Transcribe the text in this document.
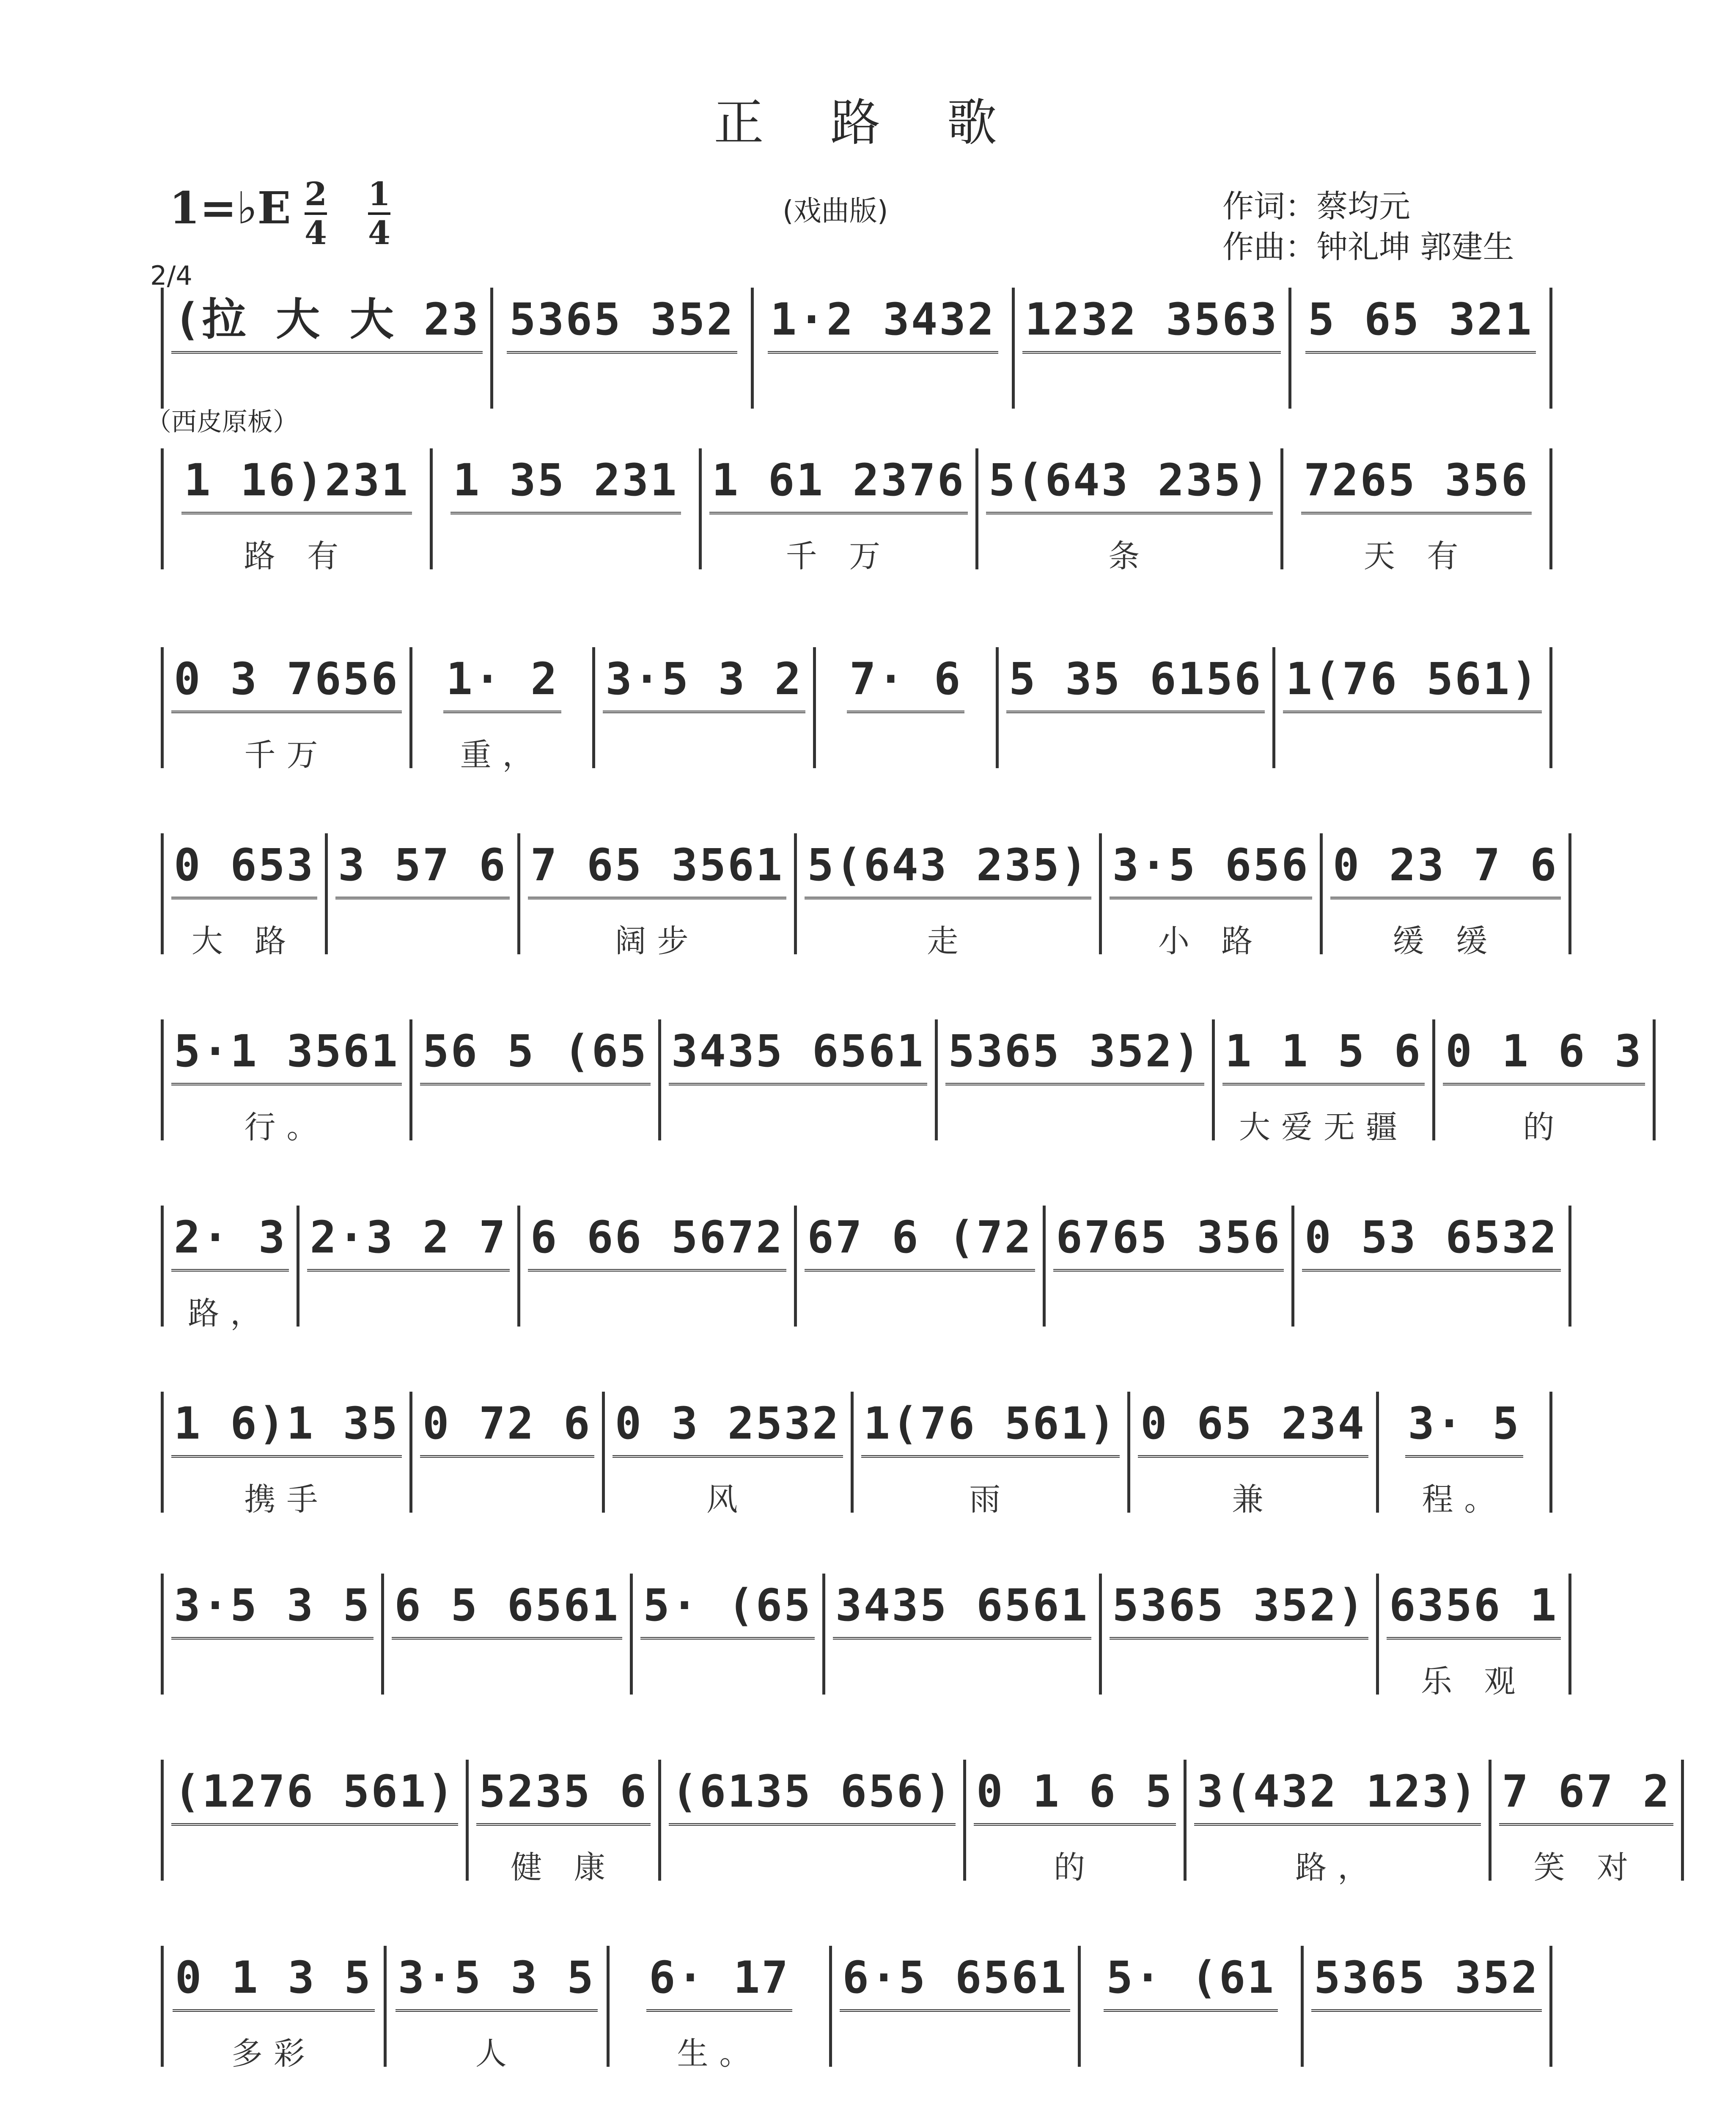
正 路 歌
1=♭E 2
4
1
4
(戏曲版)	作词：蔡均元
作曲：钟礼坤 郭建生
2/4
（西皮原板）
(拉 大 大 23 5365 352 1·2 3432 1232 3563 5 65 321
1 16)231
路 有
1 35 231 1 61 2376
千 万
5(643 235)
条
7265 356
天 有
0 3 7656
千万
1· 2
重，
3·5 3 2 7· 6 5 35 6156 1(76 561)
0 653
大 路
3 57 6 7 65 3561
阔步
5(643 235)
走
3·5 656
小 路
0 23 7 6
缓 缓
5·1 3561
行。
56 5 (65 3435 6561 5365 352) 1 1 5 6
大爱无疆
0 1 6 3
的
2· 3
路，
2·3 2 7 6 66 5672 67 6 (72 6765 356 0 53 6532
1 6)1 35
携手
0 72 6 0 3 2532
风
1(76 561)
雨
0 65 234
兼
3· 5
程。
3·5 3 5 6 5 6561 5· (65 3435 6561 5365 352) 6356 1
乐 观
(1276 561) 5235 6
健 康
(6135 656) 0 1 6 5
的
3(432 123)
路，
7 67 2
笑 对
0 1 3 5
多彩
3·5 3 5
人
6· 17
生。
6·5 6561 5· (61 5365 352
